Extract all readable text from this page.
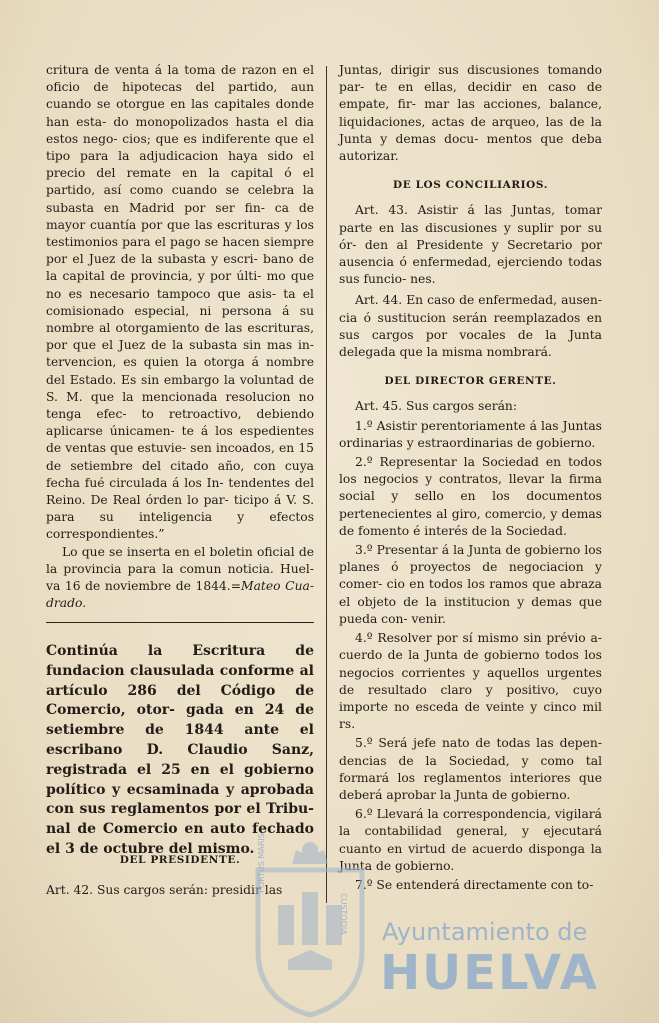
critura de venta á la toma de razon en el oficio de hipotecas del partido, aun cuando se otorgue en las capitales donde han esta- do monopolizados hasta el dia estos nego- cios; que es indiferente que el tipo para la adjudicacion haya sido el precio del remate en la capital ó el partido, así como cuando se celebra la subasta en Madrid por ser fin- ca de mayor cuantía por que las escrituras y los testimonios para el pago se hacen siempre por el Juez de la subasta y escri- bano de la capital de provincia, y por últi- mo que no es necesario tampoco que asis- ta el comisionado especial, ni persona á su nombre al otorgamiento de las escrituras, por que el Juez de la subasta sin mas in- tervencion, es quien la otorga á nombre del Estado. Es sin embargo la voluntad de S. M. que la mencionada resolucion no tenga efec- to retroactivo, debiendo aplicarse únicamen- te á los espedientes de ventas que estuvie- sen incoados, en 15 de setiembre del citado año, con cuya fecha fué circulada á los In- tendentes del Reino. De Real órden lo par- ticipo á V. S. para su inteligencia y efectos correspondientes.”

Lo que se inserta en el boletin oficial de la provincia para la comun noticia. Huel- va 16 de noviembre de 1844.=Mateo Cua- drado.

Continúa la Escritura de fundacion clausulada conforme al artículo 286 del Código de Comercio, otor- gada en 24 de setiembre de 1844 ante el escribano D. Claudio Sanz, registrada el 25 en el gobierno político y ecsaminada y aprobada con sus reglamentos por el Tribu- nal de Comercio en auto fechado el 3 de octubre del mismo.

DEL PRESIDENTE.

Art. 42. Sus cargos serán: presidir las

Juntas, dirigir sus discusiones tomando par- te en ellas, decidir en caso de empate, fir- mar las acciones, balance, liquidaciones, actas de arqueo, las de la Junta y demas docu- mentos que deba autorizar.

DE LOS CONCILIARIOS.

Art. 43. Asistir á las Juntas, tomar parte en las discusiones y suplir por su ór- den al Presidente y Secretario por ausencia ó enfermedad, ejerciendo todas sus funcio- nes.

Art. 44. En caso de enfermedad, ausen- cia ó sustitucion serán reemplazados en sus cargos por vocales de la Junta delegada que la misma nombrará.

DEL DIRECTOR GERENTE.

Art. 45. Sus cargos serán:

1.º Asistir perentoriamente á las Juntas ordinarias y estraordinarias de gobierno.

2.º Representar la Sociedad en todos los negocios y contratos, llevar la firma social y sello en los documentos pertenecientes al giro, comercio, y demas de fomento é interés de la Sociedad.

3.º Presentar á la Junta de gobierno los planes ó proyectos de negociacion y comer- cio en todos los ramos que abraza el objeto de la institucion y demas que pueda con- venir.

4.º Resolver por sí mismo sin prévio a- cuerdo de la Junta de gobierno todos los negocios corrientes y aquellos urgentes de resultado claro y positivo, cuyo importe no esceda de veinte y cinco mil rs.

5.º Será jefe nato de todas las depen- dencias de la Sociedad, y como tal formará los reglamentos interiores que deberá aprobar la Junta de gobierno.

6.º Llevará la correspondencia, vigilará la contabilidad general, y ejecutará cuanto en virtud de acuerdo disponga la Junta de gobierno.

7.º Se entenderá directamente con to-

Ayuntamiento de
HUELVA
PORTUS MARIS
CUSTODIA
